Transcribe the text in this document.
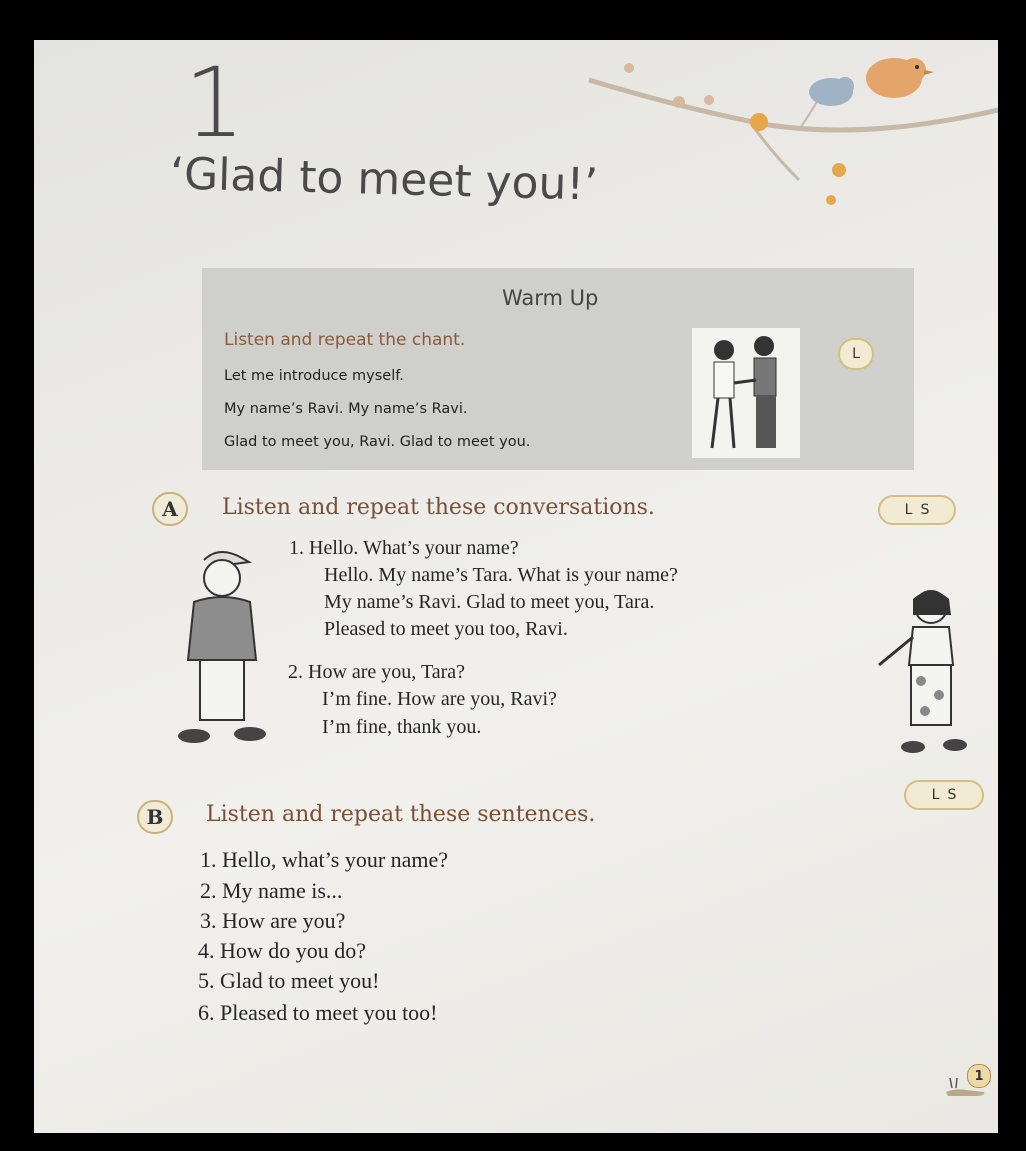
1
‘Glad to meet you!’
Warm Up
Listen and repeat the chant.
Let me introduce myself.
My name’s Ravi. My name’s Ravi.
Glad to meet you, Ravi. Glad to meet you.
L
A	Listen and repeat these conversations.	L S
1. Hello. What’s your name?
Hello. My name’s Tara. What is your name?
My name’s Ravi. Glad to meet you, Tara.
Pleased to meet you too, Ravi.
2. How are you, Tara?
I’m fine. How are you, Ravi?
I’m fine, thank you.
B	Listen and repeat these sentences.
L S
1. Hello, what’s your name?
2. My name is...
3. How are you?
4. How do you do?
5. Glad to meet you!
6. Pleased to meet you too!
1
